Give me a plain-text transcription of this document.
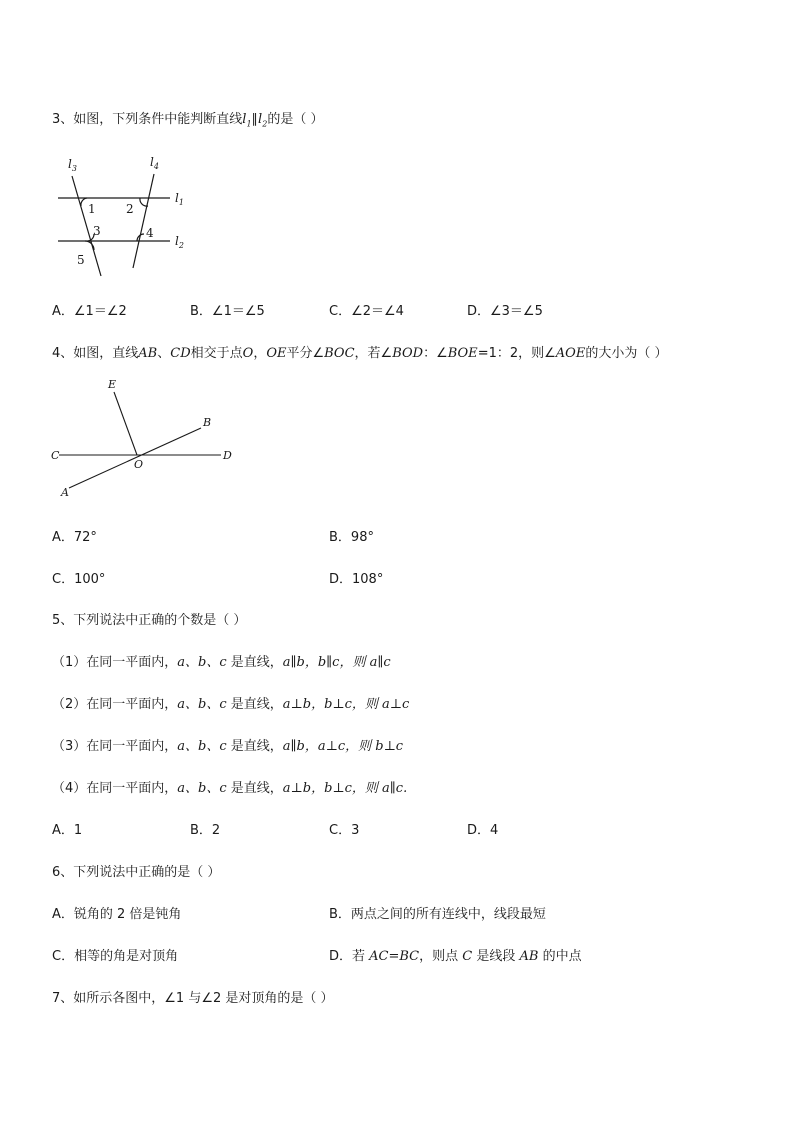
3、如图，下列条件中能判断直线$l_1\parallel l_2$的是（ ）
$l_3$	$l_4$
$l_1$
$l_2$
1	2
3	4
5
A．∠1＝∠2	B．∠1＝∠5	C．∠2＝∠4	D．∠3＝∠5
4、如图，直线AB、CD相交于点O，OE平分∠BOC，若∠BOD：∠BOE=1：2，则∠AOE的大小为（ ）
E
B
C
O
D
A
A．72°	B．98°
C．100°	D．108°
5、下列说法中正确的个数是（ ）
（1）在同一平面内，a、b、c 是直线，a∥b，b∥c，则 a∥c
（2）在同一平面内，a、b、c 是直线，a⊥b，b⊥c，则 a⊥c
（3）在同一平面内，a、b、c 是直线，a∥b，a⊥c，则 b⊥c
（4）在同一平面内，a、b、c 是直线，a⊥b，b⊥c，则 a∥c.
A．1	B．2	C．3	D．4
6、下列说法中正确的是（ ）
A．锐角的 2 倍是钝角	B．两点之间的所有连线中，线段最短
C．相等的角是对顶角	D．若 AC=BC，则点 C 是线段 AB 的中点
7、如所示各图中，∠1 与∠2 是对顶角的是（ ）
